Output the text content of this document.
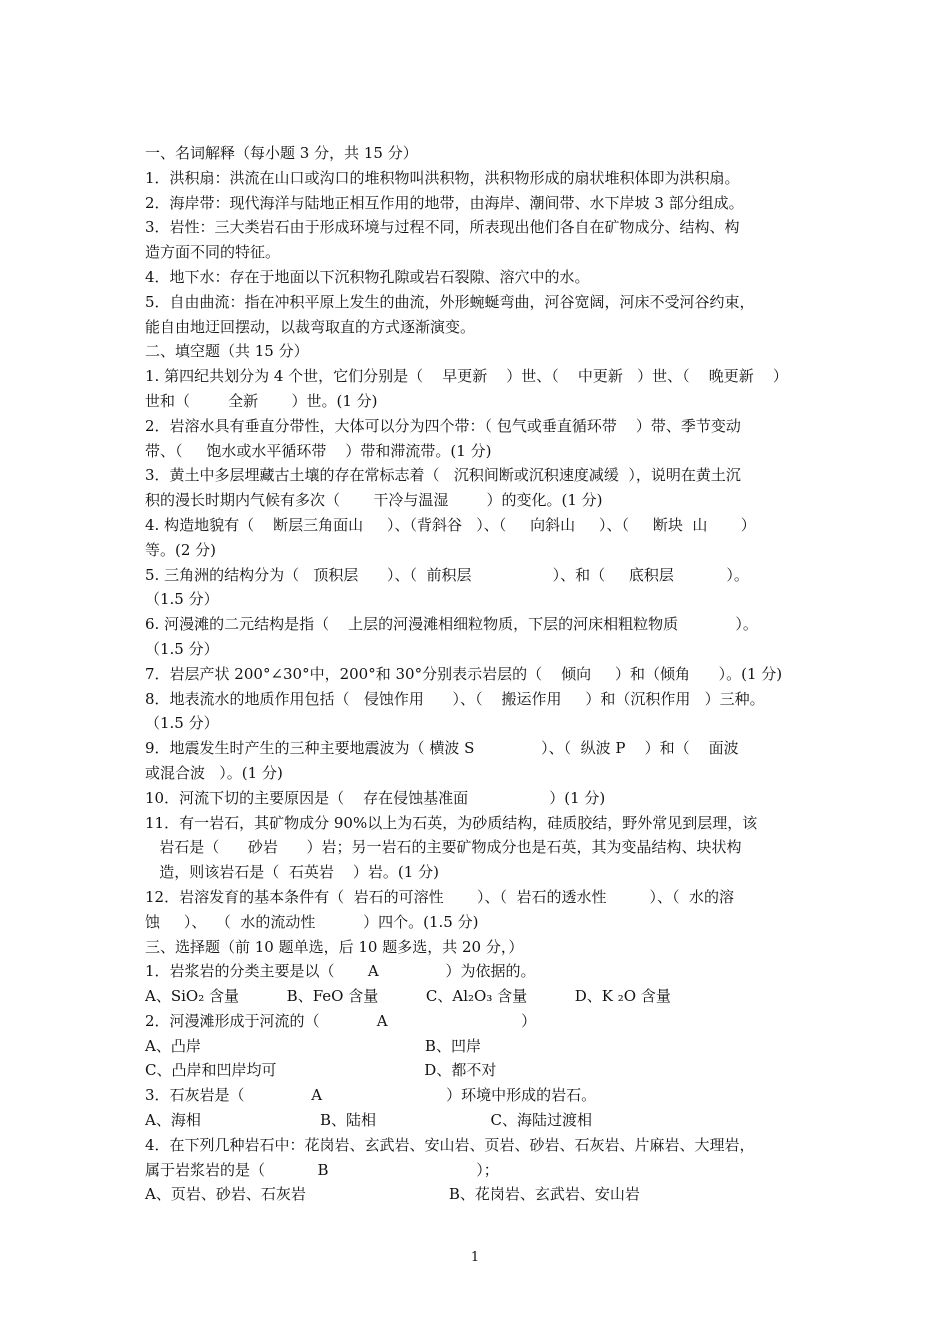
一、名词解释（每小题 3 分，共 15 分）
1．洪积扇：洪流在山口或沟口的堆积物叫洪积物，洪积物形成的扇状堆积体即为洪积扇。
2．海岸带：现代海洋与陆地正相互作用的地带，由海岸、潮间带、水下岸坡 3 部分组成。
3．岩性：三大类岩石由于形成环境与过程不同，所表现出他们各自在矿物成分、结构、构
造方面不同的特征。
4．地下水：存在于地面以下沉积物孔隙或岩石裂隙、溶穴中的水。
5．自由曲流：指在冲积平原上发生的曲流，外形蜿蜒弯曲，河谷宽阔，河床不受河谷约束，
能自由地迂回摆动，以裁弯取直的方式逐渐演变。
二、填空题（共 15 分）
1. 第四纪共划分为 4 个世，它们分别是（    早更新    ）世、（    中更新   ）世、（    晚更新    ）
世和（        全新       ）世。(1 分)
2．岩溶水具有垂直分带性，大体可以分为四个带：（ 包气或垂直循环带    ）带、季节变动
带、（     饱水或水平循环带    ）带和滞流带。(1 分)
3．黄土中多层埋藏古土壤的存在常标志着（   沉积间断或沉积速度减缓  ），说明在黄土沉
积的漫长时期内气候有多次（       干冷与温湿        ）的变化。(1 分)
4. 构造地貌有（    断层三角面山     ）、（背斜谷   ）、（     向斜山     ）、（     断块  山       ）
等。(2 分)
5. 三角洲的结构分为（   顶积层      ）、（  前积层                 ）、和（     底积层           ）。
（1.5 分）
6. 河漫滩的二元结构是指（    上层的河漫滩相细粒物质，下层的河床相粗粒物质            ）。
（1.5 分）
7．岩层产状 200°∠30°中，200°和 30°分别表示岩层的（    倾向     ）和（倾角      ）。(1 分)
8．地表流水的地质作用包括（   侵蚀作用      ）、（    搬运作用     ）和（沉积作用   ）三种。
（1.5 分）
9．地震发生时产生的三种主要地震波为（ 横波 S              ）、（  纵波 P    ）和（    面波
或混合波   ）。(1 分)
10．河流下切的主要原因是（    存在侵蚀基准面                 ）(1 分)
11．有一岩石，其矿物成分 90%以上为石英，为砂质结构，硅质胶结，野外常见到层理，该
岩石是（      砂岩      ）岩；另一岩石的主要矿物成分也是石英，其为变晶结构、块状构
造，则该岩石是（  石英岩    ）岩。(1 分)
12．岩溶发育的基本条件有（  岩石的可溶性       ）、（  岩石的透水性         ）、（  水的溶
蚀     ）、  （  水的流动性          ）四个。(1.5 分)
三、选择题（前 10 题单选，后 10 题多选，共 20 分，）
1．岩浆岩的分类主要是以（       A              ）为依据的。
A、SiO₂ 含量          B、FeO 含量          C、Al₂O₃ 含量          D、K ₂O 含量
2．河漫滩形成于河流的（            A                            ）
A、凸岸                                               B、凹岸
C、凸岸和凹岸均可                               D、都不对
3．石灰岩是（              A                          ）环境中形成的岩石。
A、海相                         B、陆相                        C、海陆过渡相
4．在下列几种岩石中：花岗岩、玄武岩、安山岩、页岩、砂岩、石灰岩、片麻岩、大理岩，
属于岩浆岩的是（           B                               ）；
A、页岩、砂岩、石灰岩                              B、花岗岩、玄武岩、安山岩
1
